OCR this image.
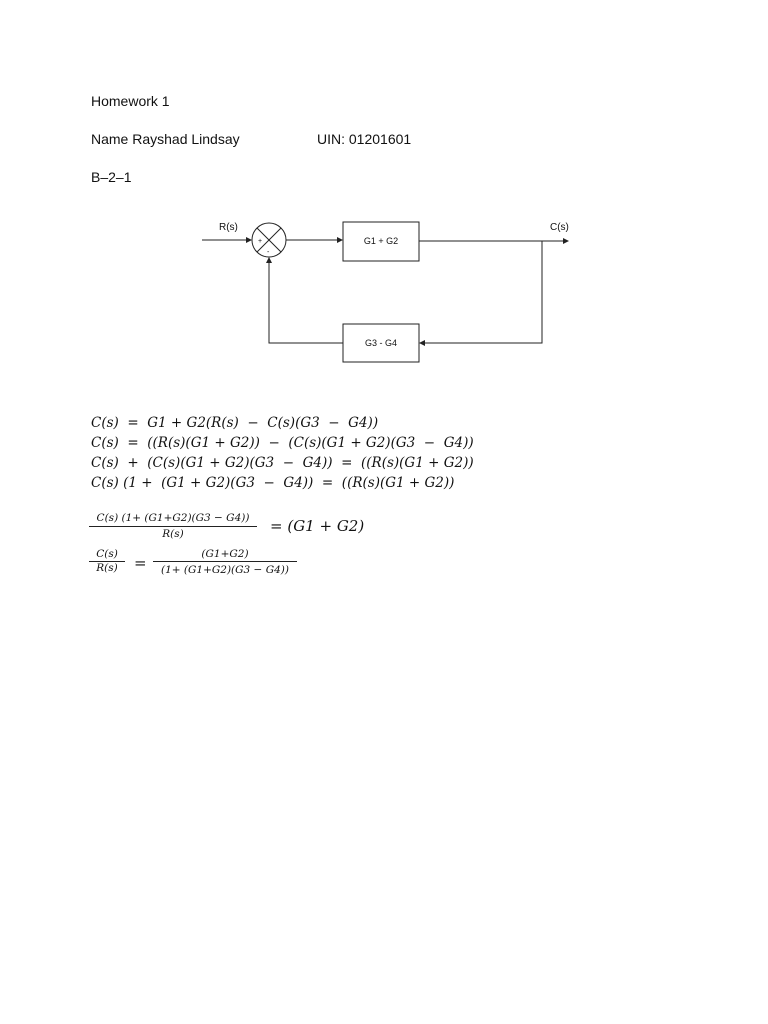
Homework 1
Name Rayshad Lindsay	UIN: 01201601
B–2–1
R(s)	C(s)
G1 + G2
G3 - G4
+
-
C(s)  =  G1 + G2(R(s)  −  C(s)(G3  −  G4))
C(s)  =  ((R(s)(G1 + G2))  −  (C(s)(G1 + G2)(G3  −  G4))
C(s)  +  (C(s)(G1 + G2)(G3  −  G4))  =  ((R(s)(G1 + G2))
C(s) (1 +  (G1 + G2)(G3  −  G4))  =  ((R(s)(G1 + G2))
C(s) (1+ (G1+G2)(G3 − G4))
R(s)	= (G1 + G2)
C(s)
R(s)	=	(G1+G2)
(1+ (G1+G2)(G3 − G4))
